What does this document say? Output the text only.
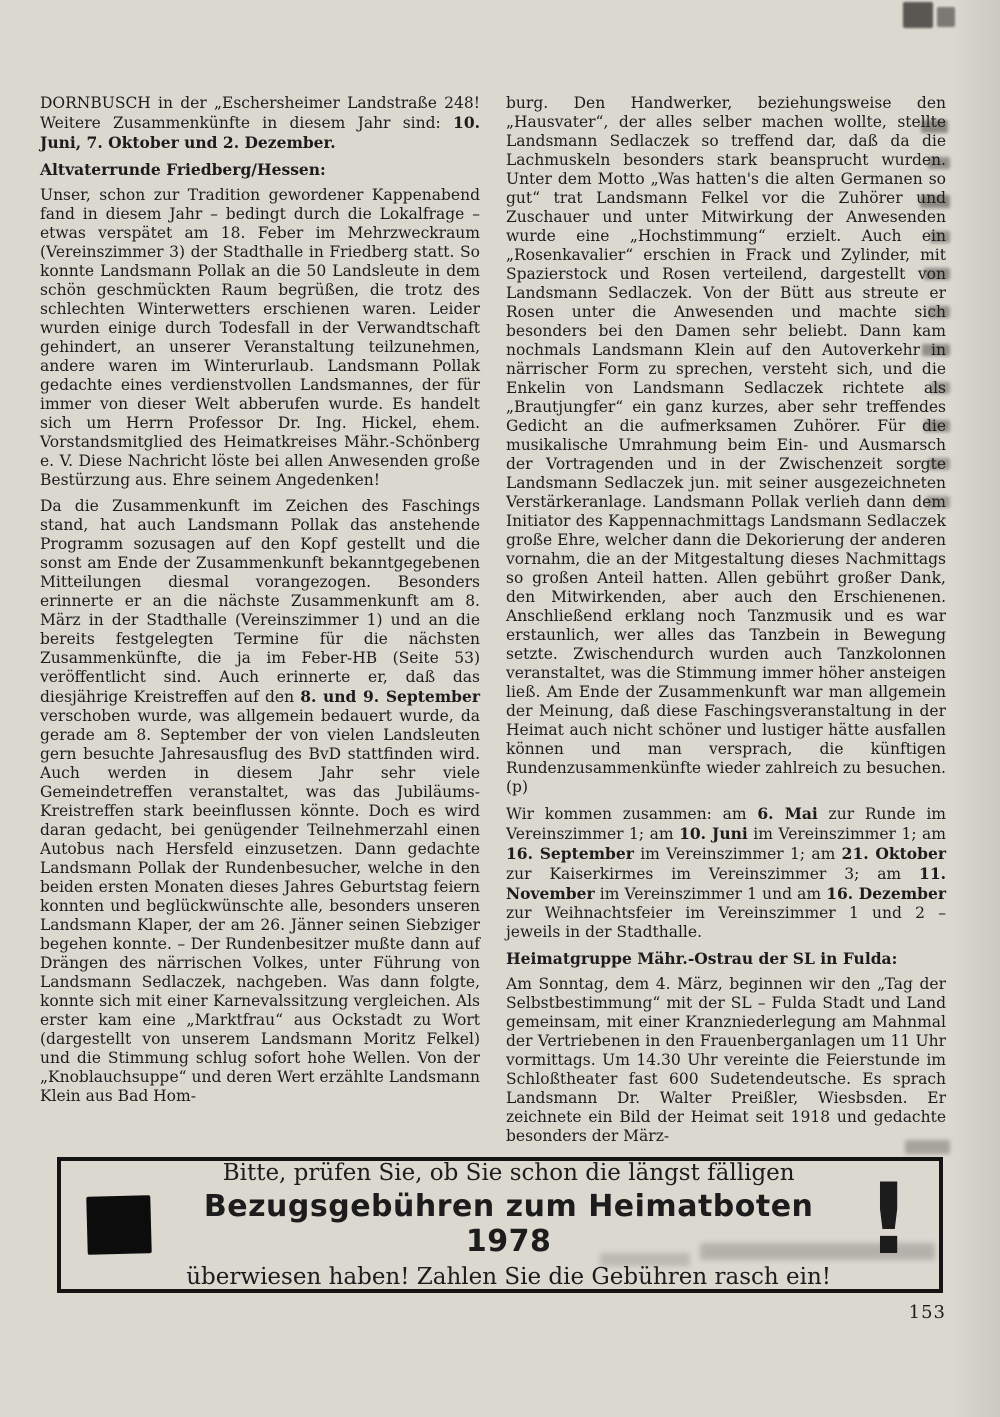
DORNBUSCH in der „Eschersheimer Landstraße 248! Weitere Zusammenkünfte in diesem Jahr sind: 10. Juni, 7. Oktober und 2. Dezember.

Altvaterrunde Friedberg/Hessen:

Unser, schon zur Tradition gewordener Kappenabend fand in diesem Jahr – bedingt durch die Lokalfrage – etwas verspätet am 18. Feber im Mehrzweckraum (Vereinszimmer 3) der Stadthalle in Friedberg statt. So konnte Landsmann Pollak an die 50 Landsleute in dem schön geschmückten Raum begrüßen, die trotz des schlechten Winterwetters erschienen waren. Leider wurden einige durch Todesfall in der Verwandtschaft gehindert, an unserer Veranstaltung teilzunehmen, andere waren im Winterurlaub. Landsmann Pollak gedachte eines verdienstvollen Landsmannes, der für immer von dieser Welt abberufen wurde. Es handelt sich um Herrn Professor Dr. Ing. Hickel, ehem. Vorstandsmitglied des Heimatkreises Mähr.-Schönberg e. V. Diese Nachricht löste bei allen Anwesenden große Bestürzung aus. Ehre seinem Angedenken!

Da die Zusammenkunft im Zeichen des Faschings stand, hat auch Landsmann Pollak das anstehende Programm sozusagen auf den Kopf gestellt und die sonst am Ende der Zusammenkunft bekanntgegebenen Mitteilungen diesmal vorangezogen. Besonders erinnerte er an die nächste Zusammenkunft am 8. März in der Stadthalle (Vereinszimmer 1) und an die bereits festgelegten Termine für die nächsten Zusammenkünfte, die ja im Feber-HB (Seite 53) veröffentlicht sind. Auch erinnerte er, daß das diesjährige Kreistreffen auf den 8. und 9. September verschoben wurde, was allgemein bedauert wurde, da gerade am 8. September der von vielen Landsleuten gern besuchte Jahresausflug des BvD stattfinden wird. Auch werden in diesem Jahr sehr viele Gemeindetreffen veranstaltet, was das Jubiläums-Kreistreffen stark beeinflussen könnte. Doch es wird daran gedacht, bei genügender Teilnehmerzahl einen Autobus nach Hersfeld einzusetzen. Dann gedachte Landsmann Pollak der Rundenbesucher, welche in den beiden ersten Monaten dieses Jahres Geburtstag feiern konnten und beglückwünschte alle, besonders unseren Landsmann Klaper, der am 26. Jänner seinen Siebziger begehen konnte. – Der Rundenbesitzer mußte dann auf Drängen des närrischen Volkes, unter Führung von Landsmann Sedlaczek, nachgeben. Was dann folgte, konnte sich mit einer Karnevalssitzung vergleichen. Als erster kam eine „Marktfrau“ aus Ockstadt zu Wort (dargestellt von unserem Landsmann Moritz Felkel) und die Stimmung schlug sofort hohe Wellen. Von der „Knoblauchsuppe“ und deren Wert erzählte Landsmann Klein aus Bad Hom-

burg. Den Handwerker, beziehungsweise den „Hausvater“, der alles selber machen wollte, stellte Landsmann Sedlaczek so treffend dar, daß da die Lachmuskeln besonders stark beansprucht wurden. Unter dem Motto „Was hatten's die alten Germanen so gut“ trat Landsmann Felkel vor die Zuhörer und Zuschauer und unter Mitwirkung der Anwesenden wurde eine „Hochstimmung“ erzielt. Auch ein „Rosenkavalier“ erschien in Frack und Zylinder, mit Spazierstock und Rosen verteilend, dargestellt von Landsmann Sedlaczek. Von der Bütt aus streute er Rosen unter die Anwesenden und machte sich besonders bei den Damen sehr beliebt. Dann kam nochmals Landsmann Klein auf den Autoverkehr in närrischer Form zu sprechen, versteht sich, und die Enkelin von Landsmann Sedlaczek richtete als „Brautjungfer“ ein ganz kurzes, aber sehr treffendes Gedicht an die aufmerksamen Zuhörer. Für die musikalische Umrahmung beim Ein- und Ausmarsch der Vortragenden und in der Zwischenzeit sorgte Landsmann Sedlaczek jun. mit seiner ausgezeichneten Verstärkeranlage. Landsmann Pollak verlieh dann dem Initiator des Kappennachmittags Landsmann Sedlaczek große Ehre, welcher dann die Dekorierung der anderen vornahm, die an der Mitgestaltung dieses Nachmittags so großen Anteil hatten. Allen gebührt großer Dank, den Mitwirkenden, aber auch den Erschienenen. Anschließend erklang noch Tanzmusik und es war erstaunlich, wer alles das Tanzbein in Bewegung setzte. Zwischendurch wurden auch Tanzkolonnen veranstaltet, was die Stimmung immer höher ansteigen ließ. Am Ende der Zusammenkunft war man allgemein der Meinung, daß diese Faschingsveranstaltung in der Heimat auch nicht schöner und lustiger hätte ausfallen können und man versprach, die künftigen Rundenzusammenkünfte wieder zahlreich zu besuchen. (p)

Wir kommen zusammen: am 6. Mai zur Runde im Vereinszimmer 1; am 10. Juni im Vereinszimmer 1; am 16. September im Vereinszimmer 1; am 21. Oktober zur Kaiserkirmes im Vereinszimmer 3; am 11. November im Vereinszimmer 1 und am 16. Dezember zur Weihnachtsfeier im Vereinszimmer 1 und 2 – jeweils in der Stadthalle.

Heimatgruppe Mähr.-Ostrau der SL in Fulda:

Am Sonntag, dem 4. März, beginnen wir den „Tag der Selbstbestimmung“ mit der SL – Fulda Stadt und Land gemeinsam, mit einer Kranzniederlegung am Mahnmal der Vertriebenen in den Frauenberganlagen um 11 Uhr vormittags. Um 14.30 Uhr vereinte die Feierstunde im Schloßtheater fast 600 Sudetendeutsche. Es sprach Landsmann Dr. Walter Preißler, Wiesbsden. Er zeichnete ein Bild der Heimat seit 1918 und gedachte besonders der März-

Bitte, prüfen Sie, ob Sie schon die längst fälligen
Bezugsgebühren zum Heimatboten 1978
überwiesen haben! Zahlen Sie die Gebühren rasch ein! !
153
